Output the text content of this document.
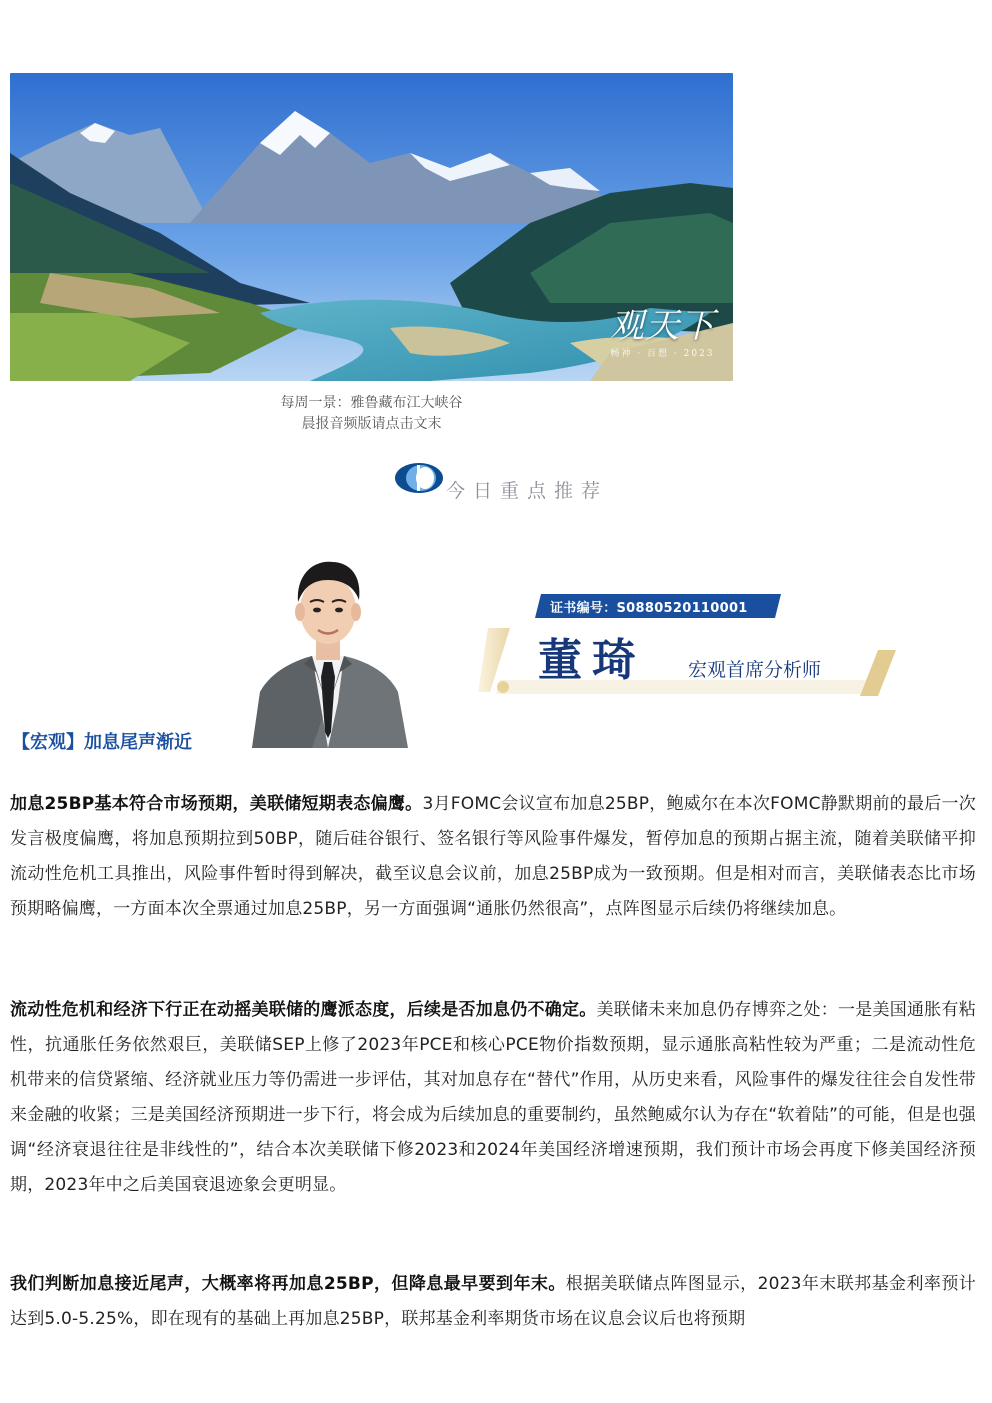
观天下
畅神 · 百想 · 2023
每周一景：雅鲁藏布江大峡谷
晨报音频版请点击文末
今日重点推荐
证书编号：S0880520110001
董琦 宏观首席分析师
【宏观】加息尾声渐近

加息25BP基本符合市场预期，美联储短期表态偏鹰。3月FOMC会议宣布加息25BP，鲍威尔在本次FOMC静默期前的最后一次发言极度偏鹰，将加息预期拉到50BP，随后硅谷银行、签名银行等风险事件爆发，暂停加息的预期占据主流，随着美联储平抑流动性危机工具推出，风险事件暂时得到解决，截至议息会议前，加息25BP成为一致预期。但是相对而言，美联储表态比市场预期略偏鹰，一方面本次全票通过加息25BP，另一方面强调“通胀仍然很高”，点阵图显示后续仍将继续加息。

流动性危机和经济下行正在动摇美联储的鹰派态度，后续是否加息仍不确定。美联储未来加息仍存博弈之处：一是美国通胀有粘性，抗通胀任务依然艰巨，美联储SEP上修了2023年PCE和核心PCE物价指数预期，显示通胀高粘性较为严重；二是流动性危机带来的信贷紧缩、经济就业压力等仍需进一步评估，其对加息存在“替代”作用，从历史来看，风险事件的爆发往往会自发性带来金融的收紧；三是美国经济预期进一步下行，将会成为后续加息的重要制约，虽然鲍威尔认为存在“软着陆”的可能，但是也强调“经济衰退往往是非线性的”，结合本次美联储下修2023和2024年美国经济增速预期，我们预计市场会再度下修美国经济预期，2023年中之后美国衰退迹象会更明显。

我们判断加息接近尾声，大概率将再加息25BP，但降息最早要到年末。根据美联储点阵图显示，2023年末联邦基金利率预计达到5.0-5.25%，即在现有的基础上再加息25BP，联邦基金利率期货市场在议息会议后也将预期
